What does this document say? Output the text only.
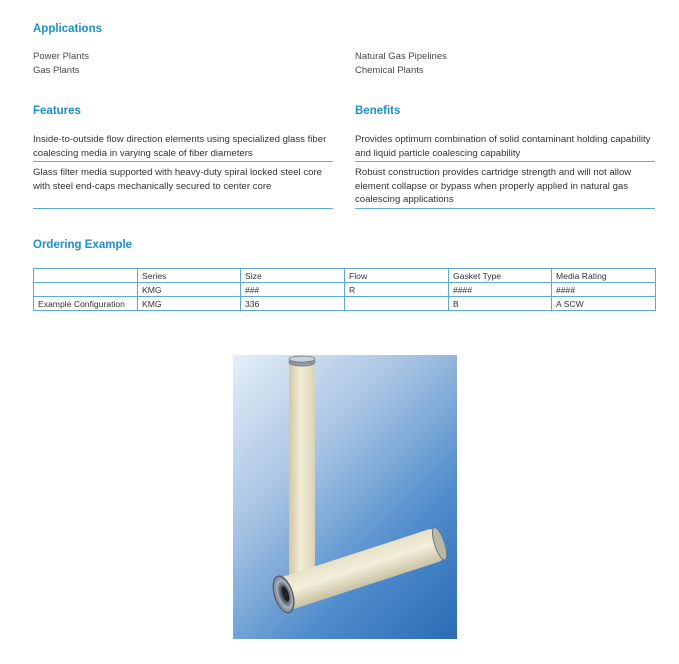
Applications
Power Plants
Gas Plants
Natural Gas Pipelines
Chemical Plants
Features
Inside-to-outside flow direction elements using specialized glass fiber coalescing media in varying scale of fiber diameters
Glass filter media supported with heavy-duty spiral locked steel core with steel end-caps mechanically secured to center core
Benefits
Provides optimum combination of solid contaminant holding capability and liquid particle coalescing capability
Robust construction provides cartridge strength and will not allow element collapse or bypass when properly applied in natural gas coalescing applications
Ordering Example
	Series	Size	Flow	Gasket Type	Media Rating
	KMG	###	R	####	####
Example Configuration	KMG	336		B	A SCW
